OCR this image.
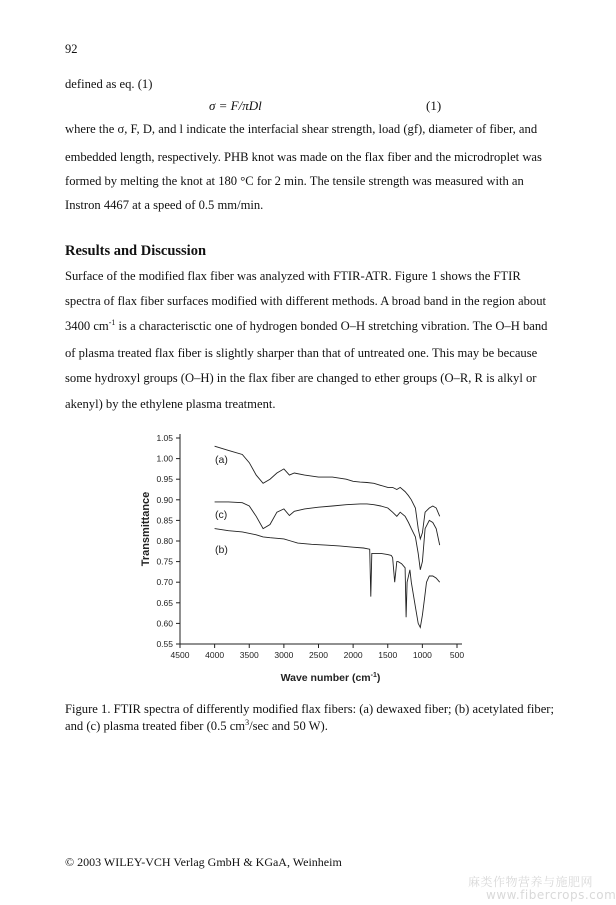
92
defined as eq. (1)
σ = F/πDl	(1)
where the σ, F, D, and l indicate the interfacial shear strength, load (gf), diameter of fiber, and
embedded length, respectively. PHB knot was made on the flax fiber and the microdroplet was
formed by melting the knot at 180 °C for 2 min. The tensile strength was measured with an
Instron 4467 at a speed of 0.5 mm/min.
Results and Discussion
Surface of the modified flax fiber was analyzed with FTIR-ATR. Figure 1 shows the FTIR
spectra of flax fiber surfaces modified with different methods. A broad band in the region about
3400 $cm^{-1}$ is a characterisctic one of hydrogen bonded O–H stretching vibration. The O–H band
of plasma treated flax fiber is slightly sharper than that of untreated one. This may be because
some hydroxyl groups (O–H) in the flax fiber are changed to ether groups (O–R, R is alkyl or
akenyl) by the ethylene plasma treatment.
4500 4000 3500 3000 2500 2000 1500 1000 500
0.55
0.60
0.65
0.70
0.75
0.80
0.85
0.90
0.95
1.00
1.05
(a)
(c)
(b)
Wave number $(cm^{-1})$
Transmittance
Figure 1. FTIR spectra of differently modified flax fibers: (a) dewaxed fiber; (b) acetylated fiber;
and (c) plasma treated fiber (0.5 $cm^3/\sec$ and 50 W).
© 2003 WILEY-VCH Verlag GmbH & KGaA, Weinheim
麻类作物营养与施肥网
www.fibercrops.com
